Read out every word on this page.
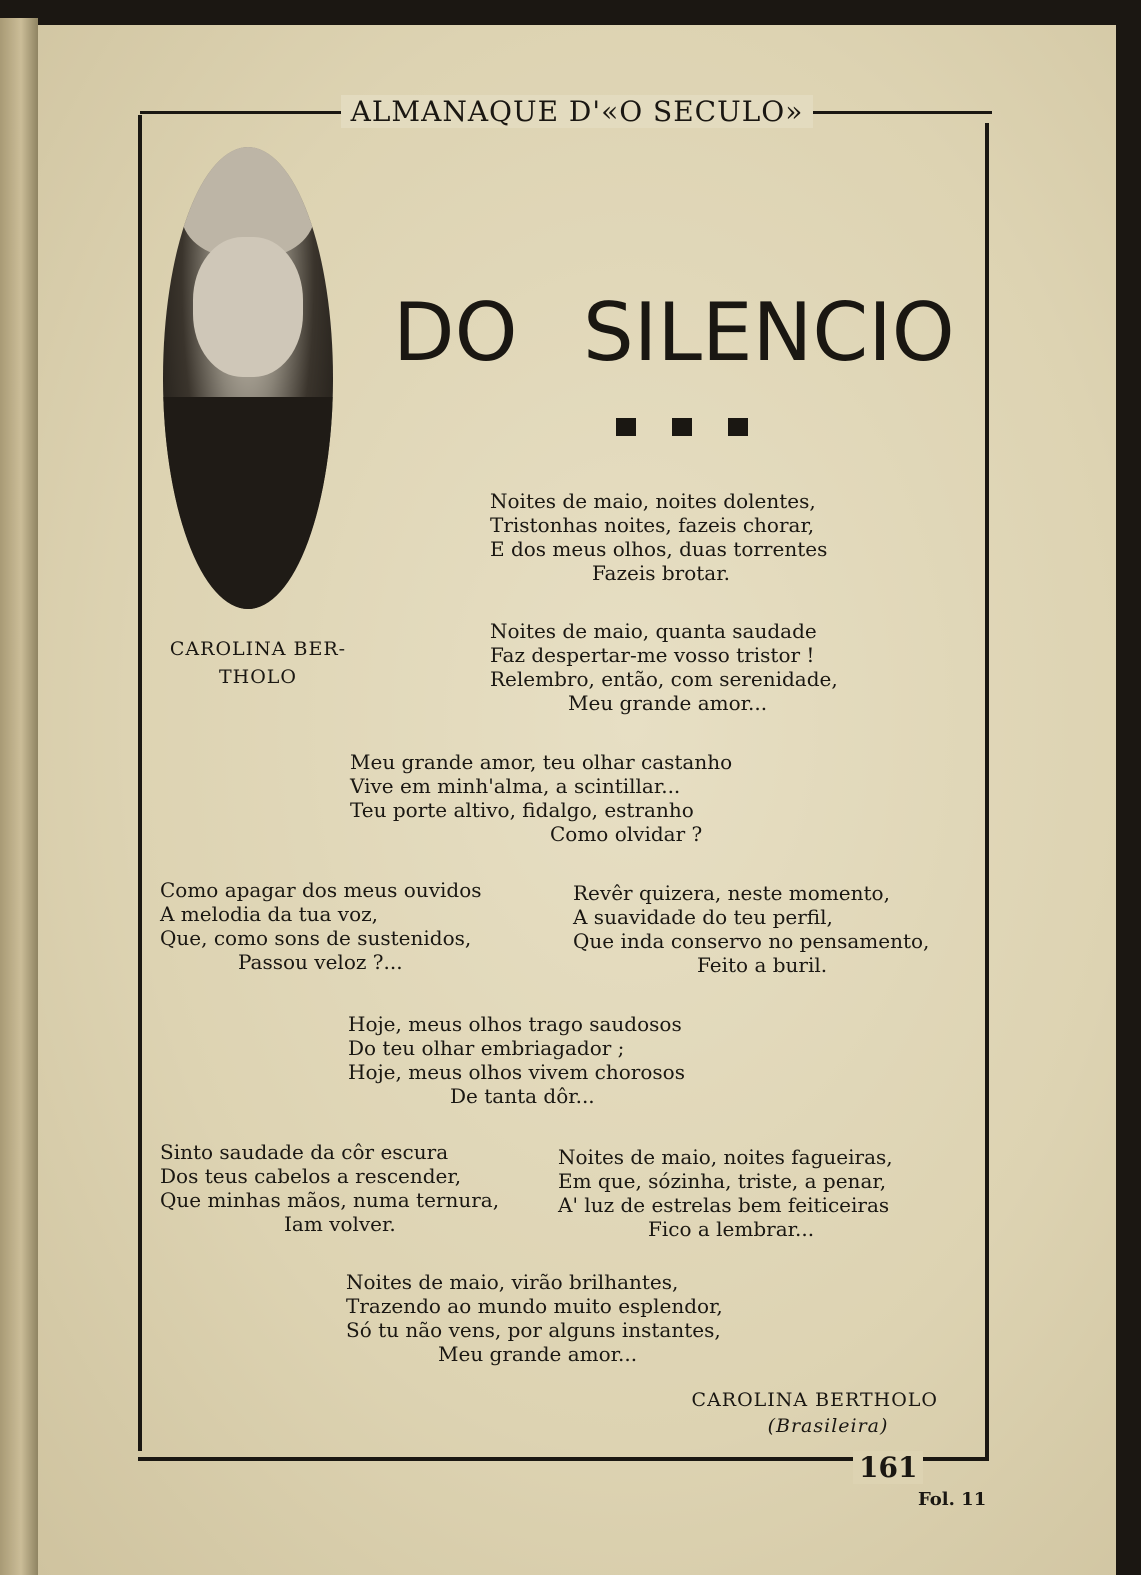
ALMANAQUE D'«O SECULO»
CAROLINA BER-
THOLO
DO SILENCIO
Noites de maio, noites dolentes,
Tristonhas noites, fazeis chorar,
E dos meus olhos, duas torrentes
Fazeis brotar.
Noites de maio, quanta saudade
Faz despertar-me vosso tristor !
Relembro, então, com serenidade,
Meu grande amor...
Meu grande amor, teu olhar castanho
Vive em minh'alma, a scintillar...
Teu porte altivo, fidalgo, estranho
Como olvidar ?
Como apagar dos meus ouvidos
A melodia da tua voz,
Que, como sons de sustenidos,
Passou veloz ?...
Revêr quizera, neste momento,
A suavidade do teu perfil,
Que inda conservo no pensamento,
Feito a buril.
Hoje, meus olhos trago saudosos
Do teu olhar embriagador ;
Hoje, meus olhos vivem chorosos
De tanta dôr...
Sinto saudade da côr escura
Dos teus cabelos a rescender,
Que minhas mãos, numa ternura,
Iam volver.
Noites de maio, noites fagueiras,
Em que, sózinha, triste, a penar,
A' luz de estrelas bem feiticeiras
Fico a lembrar...
Noites de maio, virão brilhantes,
Trazendo ao mundo muito esplendor,
Só tu não vens, por alguns instantes,
Meu grande amor...
CAROLINA BERTHOLO
(Brasileira)
161
Fol. 11
